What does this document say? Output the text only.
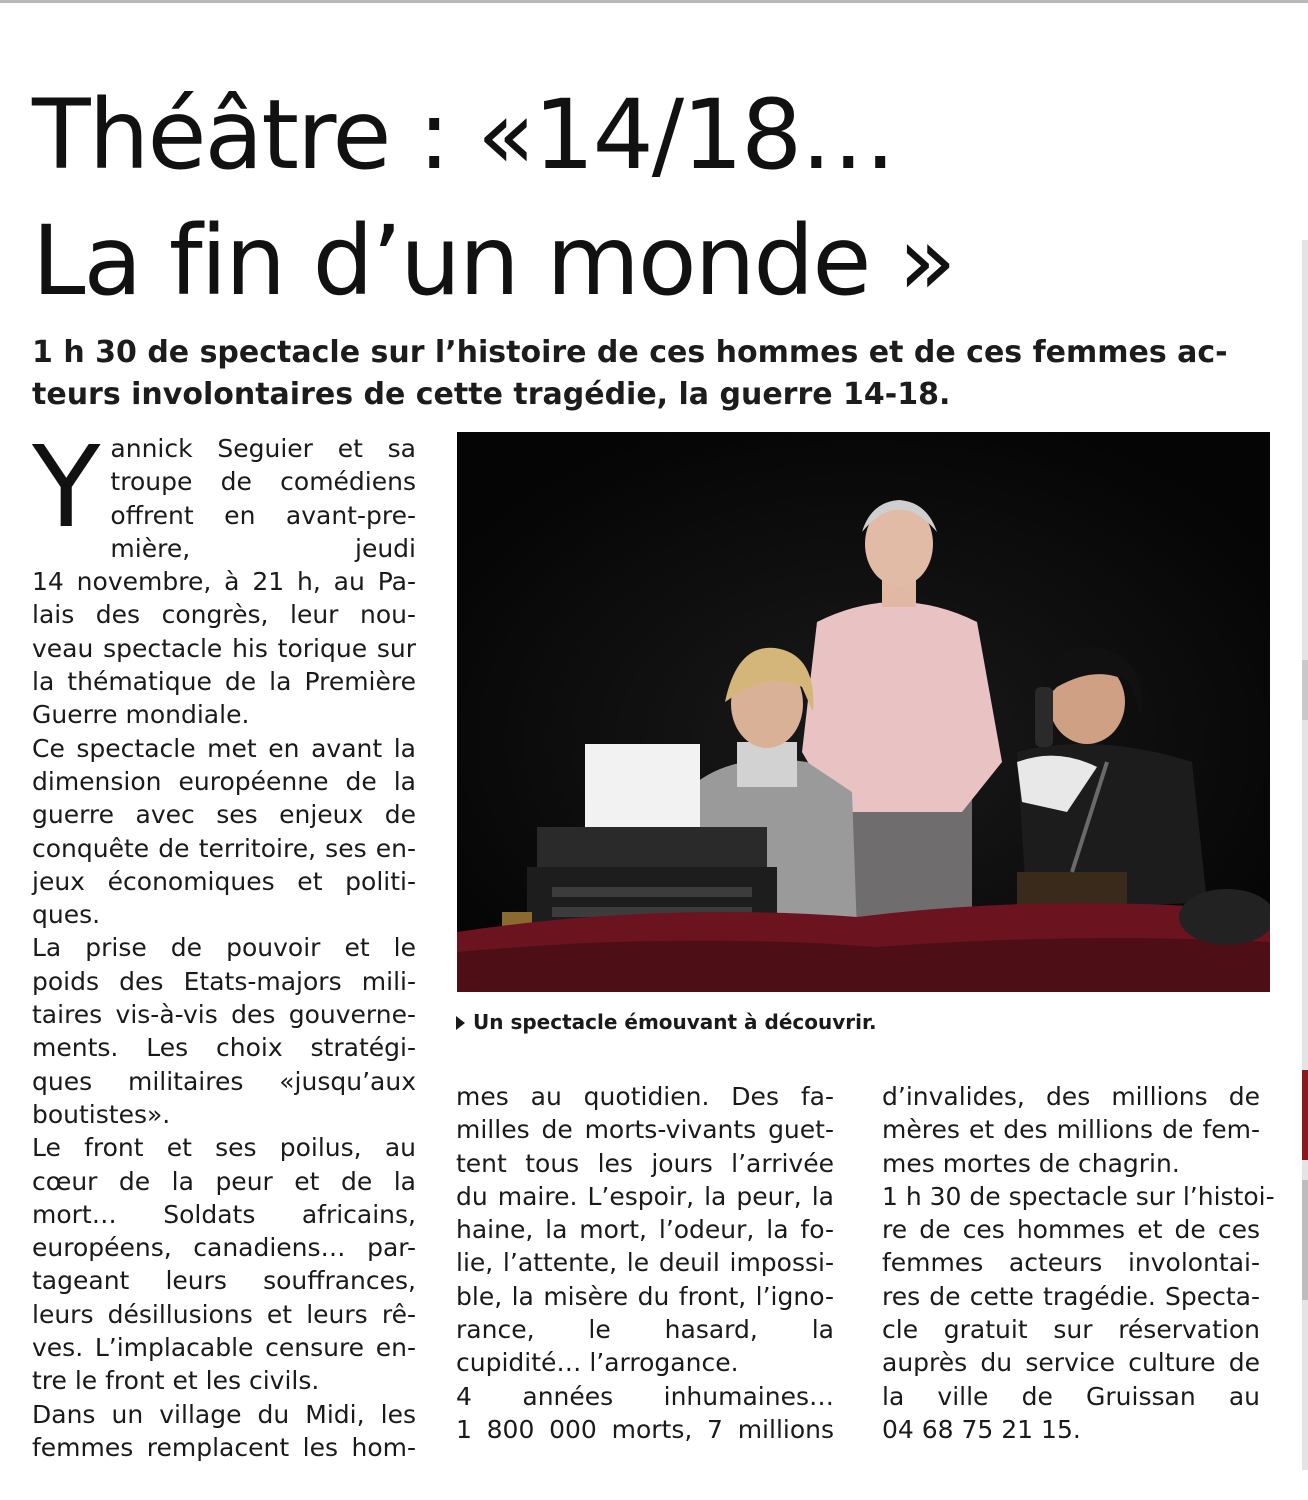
Théâtre : «14/18…
La fin d’un monde »
1 h 30 de spectacle sur l’histoire de ces hommes et de ces femmes ac-
teurs involontaires de cette tragédie, la guerre 14-18.
Y annick Seguier et sa
troupe de comédiens
offrent en avant-pre-
mière, jeudi
14 novembre, à 21 h, au Pa-
lais des congrès, leur nou-
veau spectacle his torique sur
la thématique de la Première
Guerre mondiale.

Ce spectacle met en avant la
dimension européenne de la
guerre avec ses enjeux de
conquête de territoire, ses en-
jeux économiques et politi-
ques.

La prise de pouvoir et le
poids des Etats-majors mili-
taires vis-à-vis des gouverne-
ments. Les choix stratégi-
ques militaires «jusqu’aux
boutistes».

Le front et ses poilus, au
cœur de la peur et de la
mort… Soldats africains,
européens, canadiens… par-
tageant leurs souffrances,
leurs désillusions et leurs rê-
ves. L’implacable censure en-
tre le front et les civils.

Dans un village du Midi, les
femmes remplacent les hom-

Un spectacle émouvant à découvrir.

mes au quotidien. Des fa-
milles de morts-vivants guet-
tent tous les jours l’arrivée
du maire. L’espoir, la peur, la
haine, la mort, l’odeur, la fo-
lie, l’attente, le deuil impossi-
ble, la misère du front, l’igno-
rance, le hasard, la
cupidité… l’arrogance.

4 années inhumaines…
1 800 000 morts, 7 millions

d’invalides, des millions de
mères et des millions de fem-
mes mortes de chagrin.

1 h 30 de spectacle sur l’histoi-
re de ces hommes et de ces
femmes acteurs involontai-
res de cette tragédie. Specta-
cle gratuit sur réservation
auprès du service culture de
la ville de Gruissan au
04 68 75 21 15.
